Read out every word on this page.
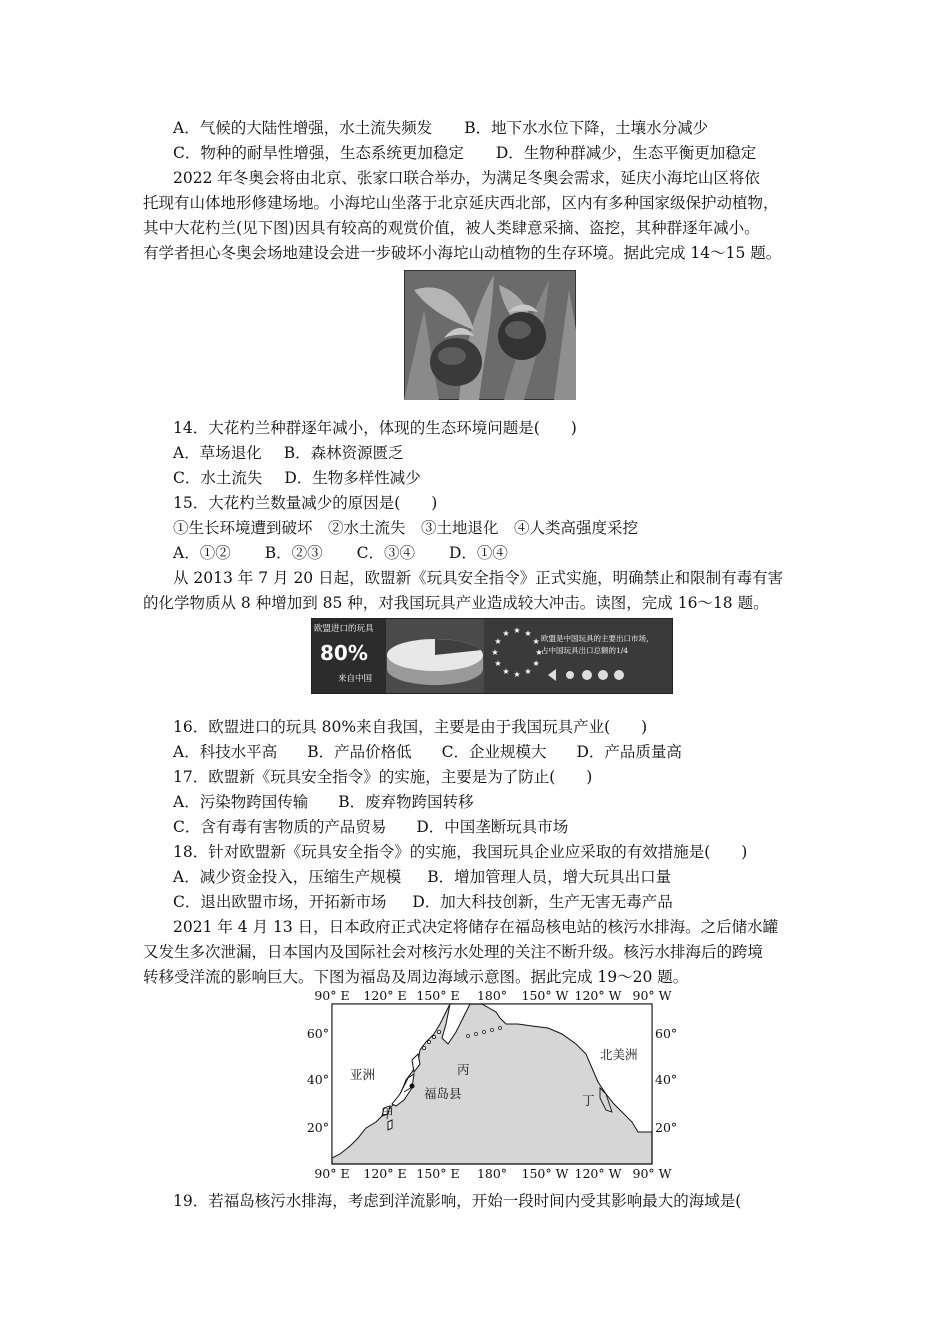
A．气候的大陆性增强，水土流失频发 B．地下水水位下降，土壤水分减少
C．物种的耐旱性增强，生态系统更加稳定 D．生物种群减少，生态平衡更加稳定
2022 年冬奥会将由北京、张家口联合举办，为满足冬奥会需求，延庆小海坨山区将依
托现有山体地形修建场地。小海坨山坐落于北京延庆西北部，区内有多种国家级保护动植物，
其中大花杓兰(见下图)因具有较高的观赏价值，被人类肆意采摘、盗挖，其种群逐年减小。
有学者担心冬奥会场地建设会进一步破坏小海坨山动植物的生存环境。据此完成 14～15 题。
14．大花杓兰种群逐年减小，体现的生态环境问题是(　　)
A．草场退化 B．森林资源匮乏
C．水土流失 D．生物多样性减少
15．大花杓兰数量减少的原因是(　　)
①生长环境遭到破坏　②水土流失　③土地退化　④人类高强度采挖
A．①② B．②③ C．③④ D．①④
从 2013 年 7 月 20 日起，欧盟新《玩具安全指令》正式实施，明确禁止和限制有毒有害
的化学物质从 8 种增加到 85 种，对我国玩具产业造成较大冲击。读图，完成 16～18 题。
★
★
★
★
★
★
★
★
★ ★ ★
★
欧盟进口的玩具
80%
来自中国
欧盟是中国玩具的主要出口市场，
占中国玩具出口总额的1/4
16．欧盟进口的玩具 80%来自我国，主要是由于我国玩具产业(　　)
A．科技水平高 B．产品价格低 C．企业规模大 D．产品质量高
17．欧盟新《玩具安全指令》的实施，主要是为了防止(　　)
A．污染物跨国传输 B．废弃物跨国转移
C．含有毒有害物质的产品贸易 D．中国垄断玩具市场
18．针对欧盟新《玩具安全指令》的实施，我国玩具企业应采取的有效措施是(　　)
A．减少资金投入，压缩生产规模 B．增加管理人员，增大玩具出口量
C．退出欧盟市场，开拓新市场 D．加大科技创新，生产无害无毒产品
2021 年 4 月 13 日，日本政府正式决定将储存在福岛核电站的核污水排海。之后储水罐
又发生多次泄漏，日本国内及国际社会对核污水处理的关注不断升级。核污水排海后的跨境
转移受洋流的影响巨大。下图为福岛及周边海域示意图。据此完成 19～20 题。
90° E 120° E 150° E 180° 150° W 120° W 90° W
90° E 120° E 150° E 180° 150° W 120° W 90° W
60°
40°
20°
60°
40°
20°
亚洲
北美洲
福岛县
甲
丙
丁
19．若福岛核污水排海，考虑到洋流影响，开始一段时间内受其影响最大的海域是(
